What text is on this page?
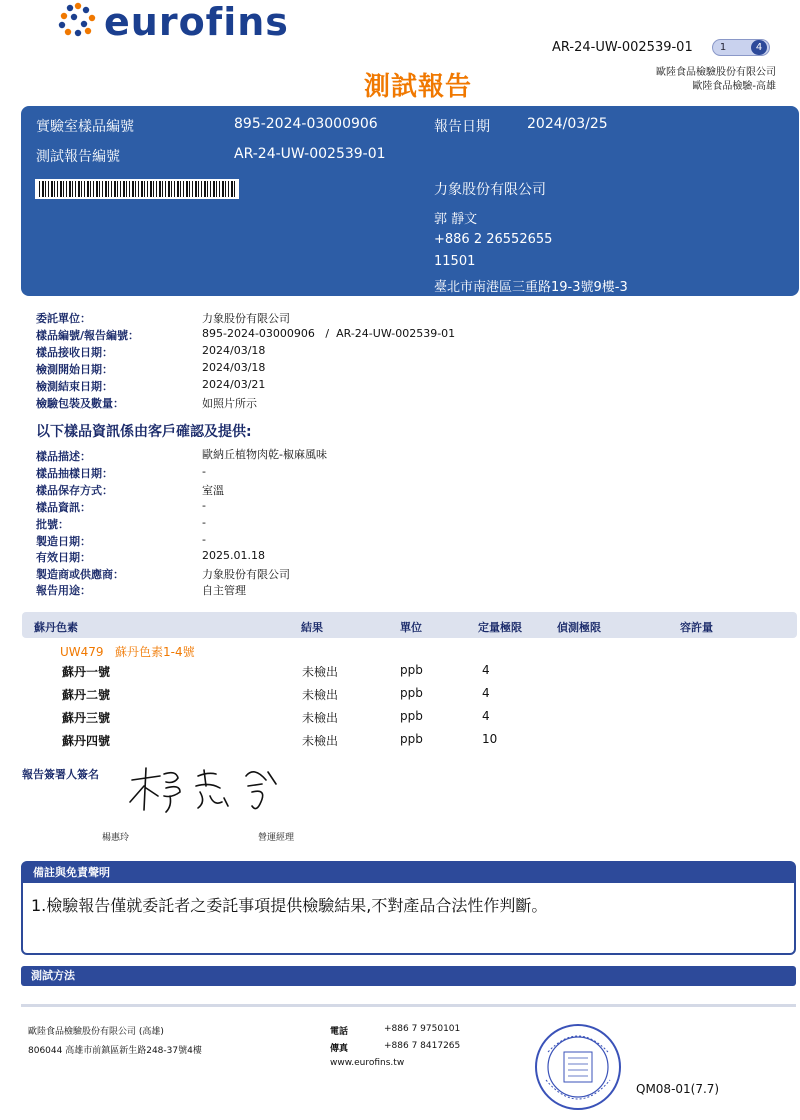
eurofins
AR-24-UW-002539-01	1	4
測試報告	歐陸食品檢驗股份有限公司
歐陸食品檢驗-高雄
實驗室樣品編號	895-2024-03000906	報告日期	2024/03/25
測試報告編號	AR-24-UW-002539-01
力象股份有限公司
郭 靜文
+886 2 26552655
11501
臺北市南港區三重路19-3號9樓-3
委託單位：	力象股份有限公司
樣品編號/報告編號：	895-2024-03000906   /  AR-24-UW-002539-01
樣品接收日期：	2024/03/18
檢測開始日期：	2024/03/18
檢測結束日期：	2024/03/21
檢驗包裝及數量：	如照片所示
以下樣品資訊係由客戶確認及提供:
樣品描述：	歐納丘植物肉乾-椒麻風味
樣品抽樣日期：	-
樣品保存方式：	室溫
樣品資訊：	-
批號：	-
製造日期：	-
有效日期：	2025.01.18
製造商或供應商：	力象股份有限公司
報告用途：	自主管理
蘇丹色素	結果	單位	定量極限	偵測極限	容許量
UW479   蘇丹色素1-4號
蘇丹一號	未檢出	ppb	4
蘇丹二號	未檢出	ppb	4
蘇丹三號	未檢出	ppb	4
蘇丹四號	未檢出	ppb	10
報告簽署人簽名
楊惠玲	營運經理
備註與免責聲明
1.檢驗報告僅就委託者之委託事項提供檢驗結果,不對產品合法性作判斷。
測試方法
歐陸食品檢驗股份有限公司 (高雄)
806044 高雄市前鎮區新生路248-37號4樓
電話	+886 7 9750101
傳真	+886 7 8417265
www.eurofins.tw
QM08-01(7.7)
